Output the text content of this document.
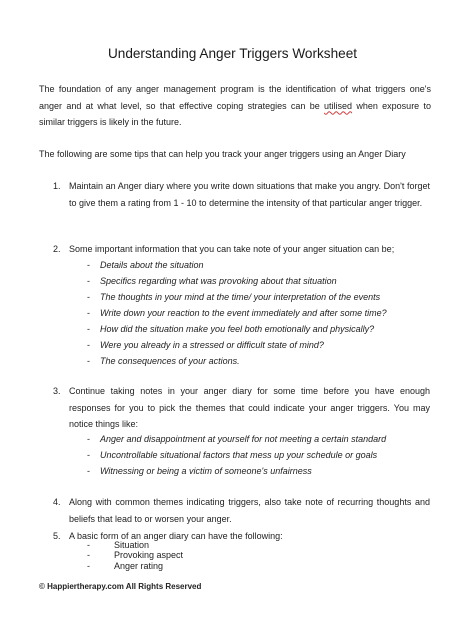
Understanding Anger Triggers Worksheet
The foundation of any anger management program is the identification of what triggers one's anger and at what level, so that effective coping strategies can be utilised when exposure to similar triggers is likely in the future.
The following are some tips that can help you track your anger triggers using an Anger Diary
1. Maintain an Anger diary where you write down situations that make you angry. Don't forget to give them a rating from 1 - 10 to determine the intensity of that particular anger trigger.
2. Some important information that you can take note of your anger situation can be;
- Details about the situation
- Specifics regarding what was provoking about that situation
- The thoughts in your mind at the time/ your interpretation of the events
- Write down your reaction to the event immediately and after some time?
- How did the situation make you feel both emotionally and physically?
- Were you already in a stressed or difficult state of mind?
- The consequences of your actions.
3. Continue taking notes in your anger diary for some time before you have enough responses for you to pick the themes that could indicate your anger triggers. You may notice things like:
- Anger and disappointment at yourself for not meeting a certain standard
- Uncontrollable situational factors that mess up your schedule or goals
- Witnessing or being a victim of someone's unfairness
4. Along with common themes indicating triggers, also take note of recurring thoughts and beliefs that lead to or worsen your anger.
5. A basic form of an anger diary can have the following:
-	Situation
-	Provoking aspect
-	Anger rating
© Happiertherapy.com All Rights Reserved
